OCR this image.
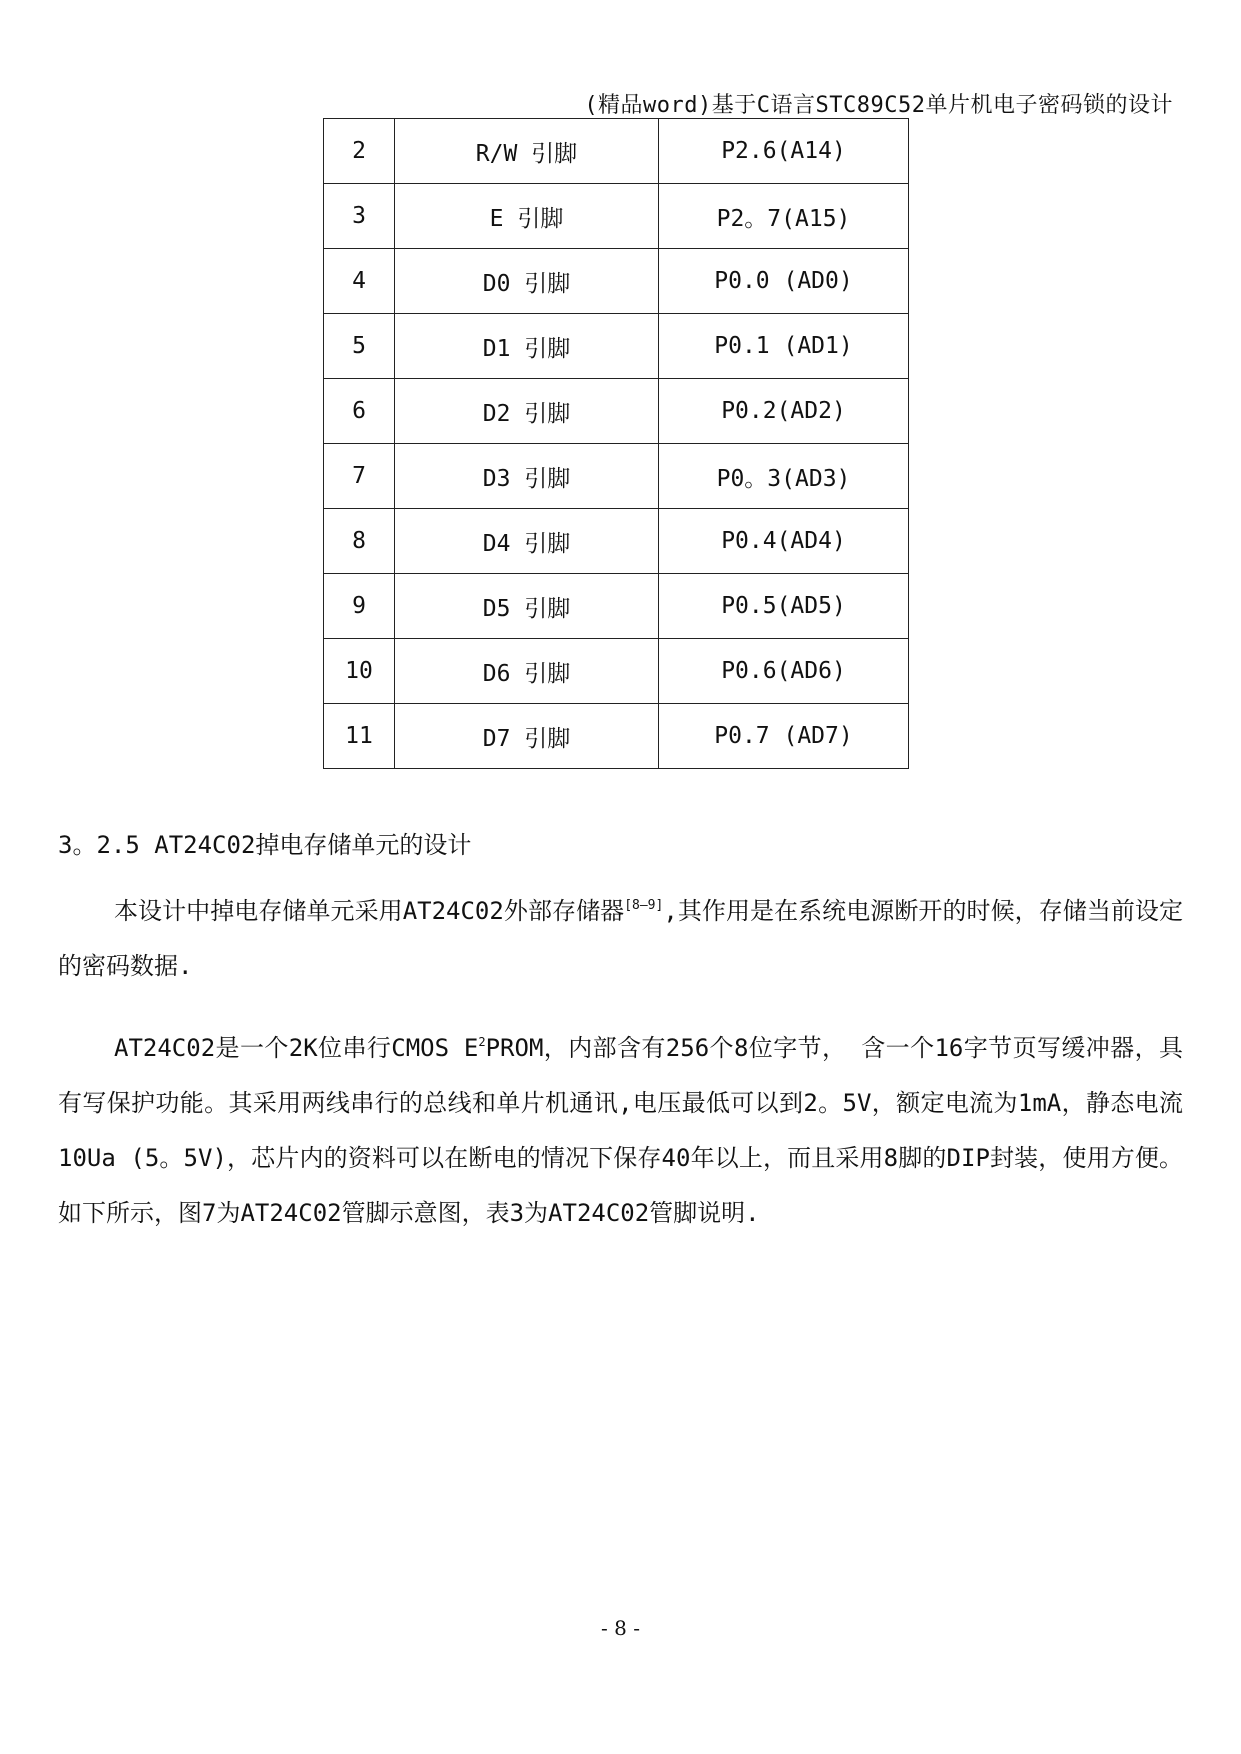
(精品word)基于C语言STC89C52单片机电子密码锁的设计
2	R/W 引脚	P2.6(A14)
3	E 引脚	P2。7(A15)
4	D0 引脚	P0.0 (AD0)
5	D1 引脚	P0.1 (AD1)
6	D2 引脚	P0.2(AD2)
7	D3 引脚	P0。3(AD3)
8	D4 引脚	P0.4(AD4)
9	D5 引脚	P0.5(AD5)
10	D6 引脚	P0.6(AD6)
11	D7 引脚	P0.7 (AD7)
3。2.5 AT24C02掉电存储单元的设计
本设计中掉电存储单元采用AT24C02外部存储器[8—9],其作用是在系统电源断开的时候，存储当前设定的密码数据.
AT24C02是一个2K位串行CMOS $E^2PROM$，内部含有256个8位字节， 含一个16字节页写缓冲器，具有写保护功能。其采用两线串行的总线和单片机通讯,电压最低可以到2。5V，额定电流为1mA，静态电流10Ua (5。5V)，芯片内的资料可以在断电的情况下保存40年以上，而且采用8脚的DIP封装，使用方便。如下所示，图7为AT24C02管脚示意图，表3为AT24C02管脚说明.
- 8 -
